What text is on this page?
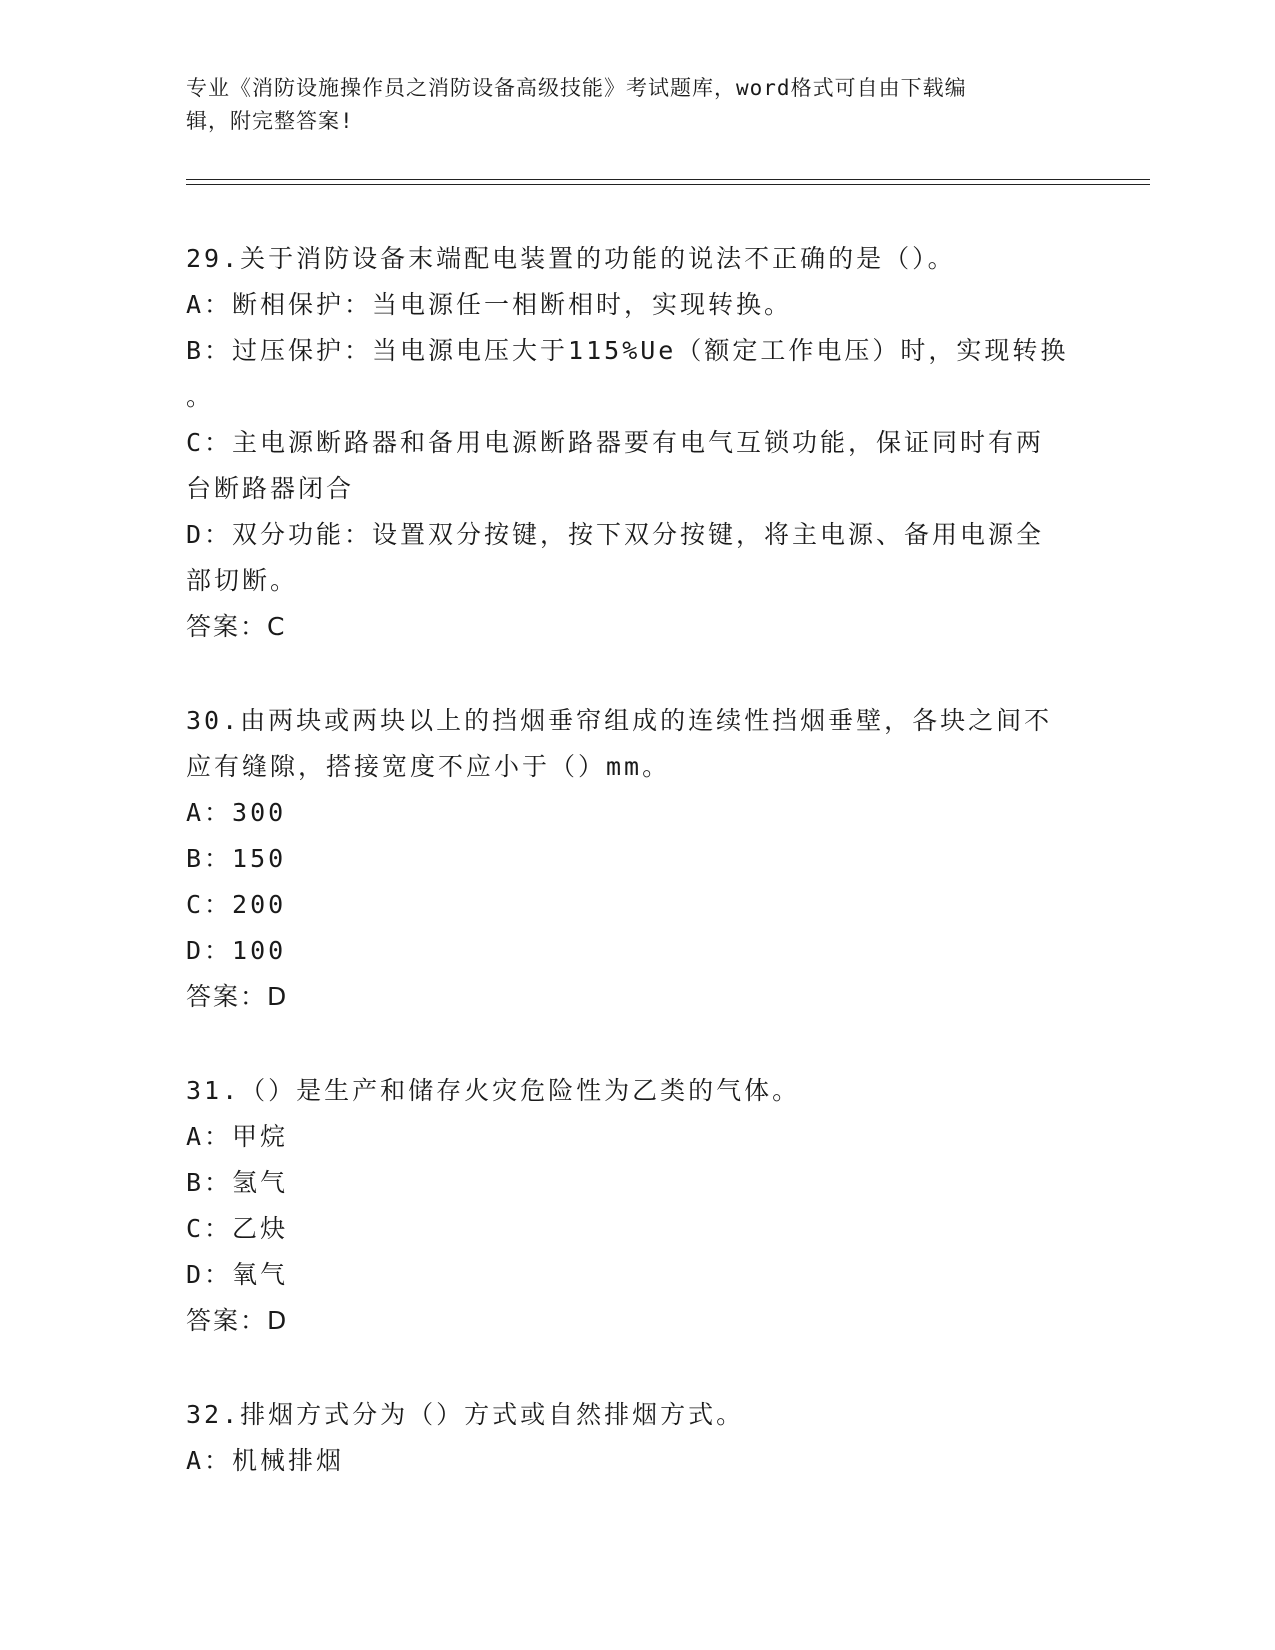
专业《消防设施操作员之消防设备高级技能》考试题库，word格式可自由下载编
辑，附完整答案!
29.关于消防设备末端配电装置的功能的说法不正确的是（）。
A：断相保护：当电源任一相断相时，实现转换。
B：过压保护：当电源电压大于115%Ue（额定工作电压）时，实现转换
。
C：主电源断路器和备用电源断路器要有电气互锁功能，保证同时有两
台断路器闭合
D：双分功能：设置双分按键，按下双分按键，将主电源、备用电源全
部切断。
答案：C
30.由两块或两块以上的挡烟垂帘组成的连续性挡烟垂壁，各块之间不
应有缝隙，搭接宽度不应小于（）mm。
A：300
B：150
C：200
D：100
答案：D
31.（）是生产和储存火灾危险性为乙类的气体。
A：甲烷
B：氢气
C：乙炔
D：氧气
答案：D
32.排烟方式分为（）方式或自然排烟方式。
A：机械排烟
